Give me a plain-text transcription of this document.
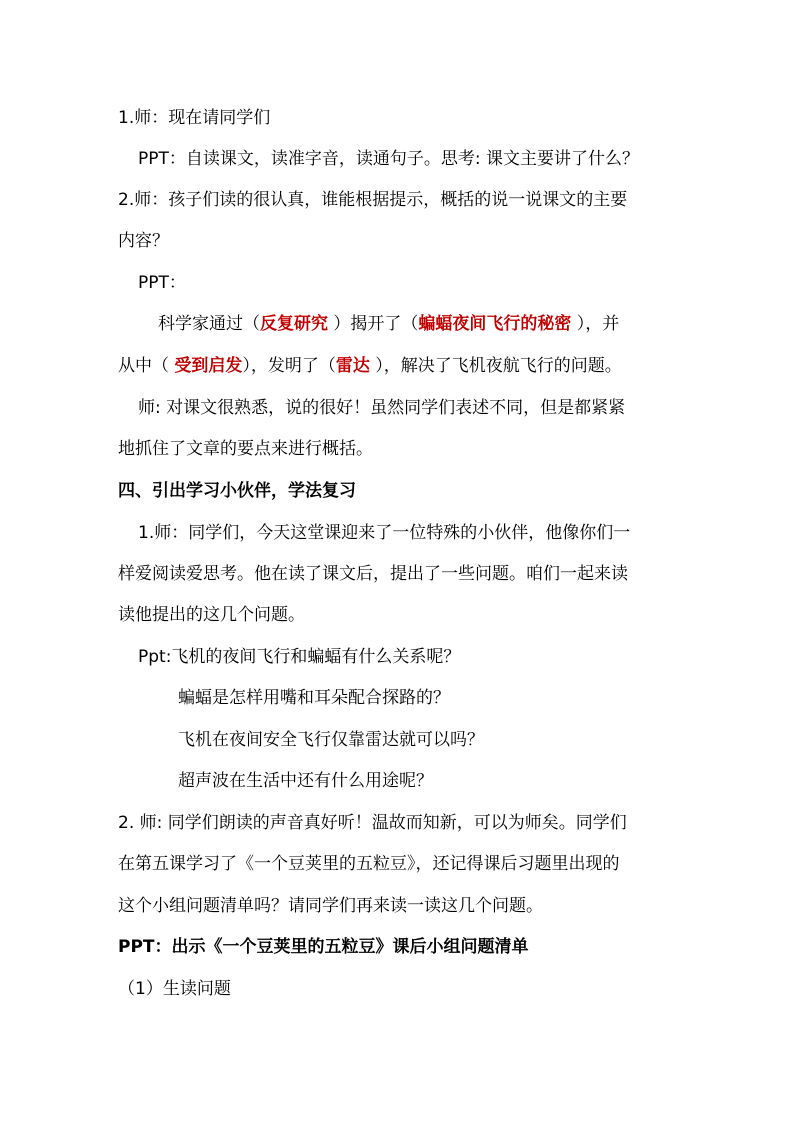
1.师：现在请同学们
PPT：自读课文，读准字音，读通句子。思考: 课文主要讲了什么？
2.师：孩子们读的很认真，谁能根据提示，概括的说一说课文的主要
内容？
PPT：
科学家通过（反复研究 ）揭开了（蝙蝠夜间飞行的秘密 ），并
从中（ 受到启发），发明了（雷达 ），解决了飞机夜航飞行的问题。
师: 对课文很熟悉，说的很好！虽然同学们表述不同，但是都紧紧
地抓住了文章的要点来进行概括。
四、引出学习小伙伴，学法复习
1.师：同学们，今天这堂课迎来了一位特殊的小伙伴，他像你们一
样爱阅读爱思考。他在读了课文后，提出了一些问题。咱们一起来读
读他提出的这几个问题。
Ppt:飞机的夜间飞行和蝙蝠有什么关系呢？
蝙蝠是怎样用嘴和耳朵配合探路的？
飞机在夜间安全飞行仅靠雷达就可以吗？
超声波在生活中还有什么用途呢？
2. 师: 同学们朗读的声音真好听！温故而知新，可以为师矣。同学们
在第五课学习了《一个豆荚里的五粒豆》，还记得课后习题里出现的
这个小组问题清单吗？请同学们再来读一读这几个问题。
PPT：出示《一个豆荚里的五粒豆》课后小组问题清单
（1）生读问题
